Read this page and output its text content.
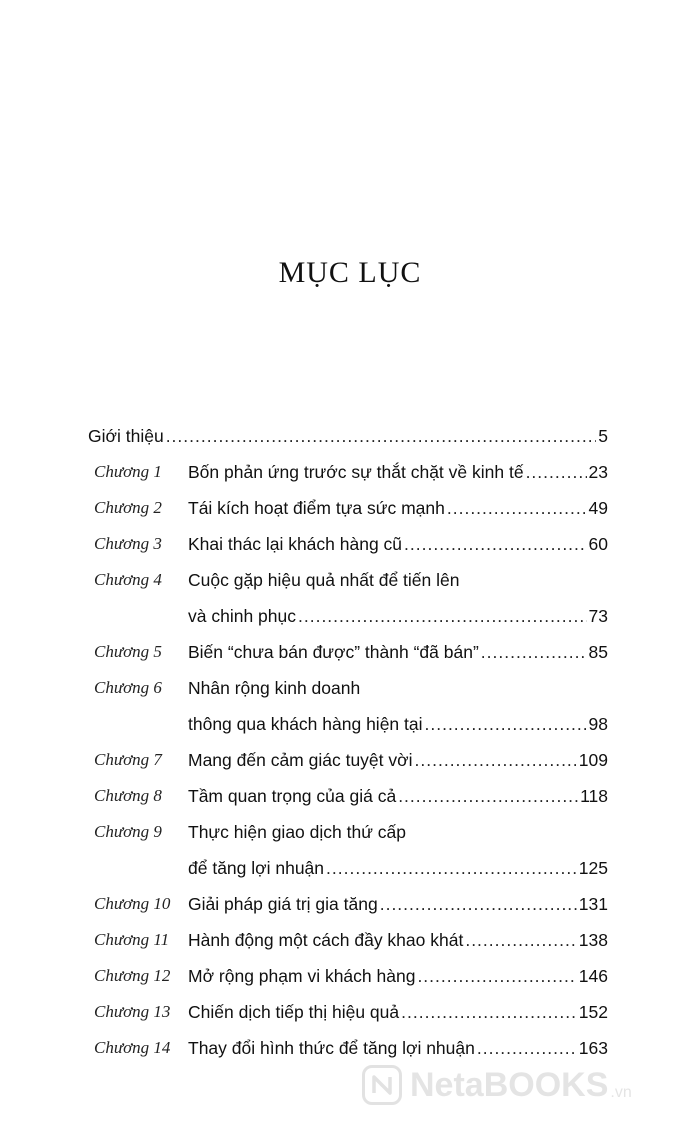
MỤC LỤC
Giới thiệu .....	5
Chương 1 Bốn phản ứng trước sự thắt chặt về kinh tế .....	23
Chương 2 Tái kích hoạt điểm tựa sức mạnh .....	49
Chương 3 Khai thác lại khách hàng cũ .....	60
Chương 4 Cuộc gặp hiệu quả nhất để tiến lên
và chinh phục .....	73
Chương 5 Biến “chưa bán được” thành “đã bán” .....	85
Chương 6 Nhân rộng kinh doanh
thông qua khách hàng hiện tại .....	98
Chương 7 Mang đến cảm giác tuyệt vời .....	109
Chương 8 Tầm quan trọng của giá cả .....	118
Chương 9 Thực hiện giao dịch thứ cấp
để tăng lợi nhuận .....	125
Chương 10 Giải pháp giá trị gia tăng .....	131
Chương 11 Hành động một cách đầy khao khát .....	138
Chương 12 Mở rộng phạm vi khách hàng .....	146
Chương 13 Chiến dịch tiếp thị hiệu quả .....	152
Chương 14 Thay đổi hình thức để tăng lợi nhuận .....	163
NetaBOOKS .vn
